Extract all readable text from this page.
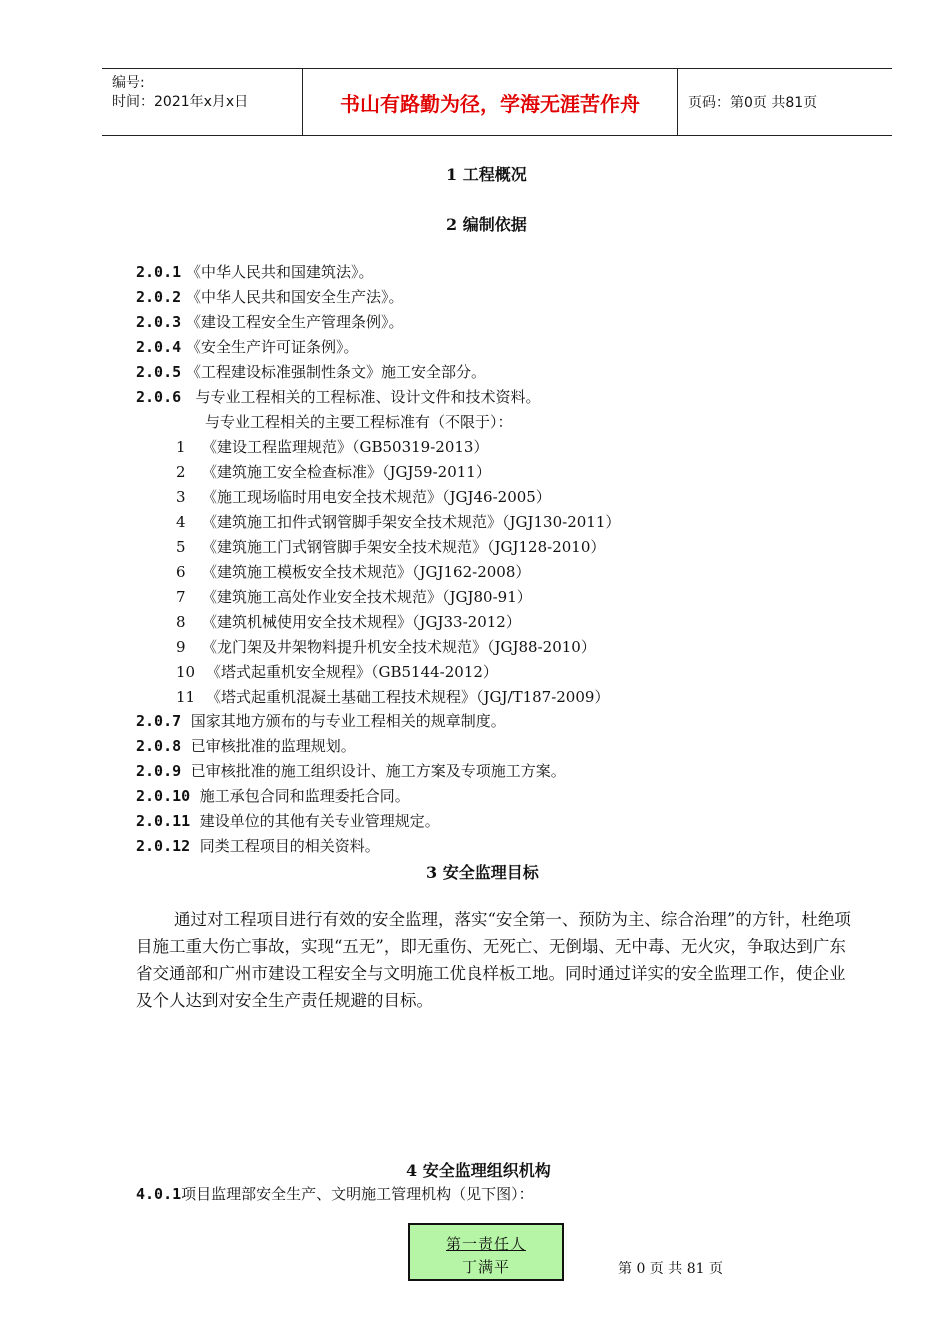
编号:
时间：2021年x月x日	书山有路勤为径，学海无涯苦作舟	页码：第0页 共81页
1 工程概况
2 编制依据
2.0.1 《中华人民共和国建筑法》。
2.0.2 《中华人民共和国安全生产法》。
2.0.3 《建设工程安全生产管理条例》。
2.0.4 《安全生产许可证条例》。
2.0.5 《工程建设标准强制性条文》施工安全部分。
2.0.6 与专业工程相关的工程标准、设计文件和技术资料。
与专业工程相关的主要工程标准有（不限于）：
1 《建设工程监理规范》（GB50319-2013）
2 《建筑施工安全检查标准》（JGJ59-2011）
3 《施工现场临时用电安全技术规范》（JGJ46-2005）
4 《建筑施工扣件式钢管脚手架安全技术规范》（JGJ130-2011）
5 《建筑施工门式钢管脚手架安全技术规范》（JGJ128-2010）
6 《建筑施工模板安全技术规范》（JGJ162-2008）
7 《建筑施工高处作业安全技术规范》（JGJ80-91）
8 《建筑机械使用安全技术规程》（JGJ33-2012）
9 《龙门架及井架物料提升机安全技术规范》（JGJ88-2010）
10 《塔式起重机安全规程》（GB5144-2012）
11 《塔式起重机混凝土基础工程技术规程》（JGJ/T187-2009）
2.0.7 国家其地方颁布的与专业工程相关的规章制度。
2.0.8 已审核批准的监理规划。
2.0.9 已审核批准的施工组织设计、施工方案及专项施工方案。
2.0.10 施工承包合同和监理委托合同。
2.0.11 建设单位的其他有关专业管理规定。
2.0.12 同类工程项目的相关资料。
3 安全监理目标
通过对工程项目进行有效的安全监理，落实“安全第一、预防为主、综合治理”的方针，杜绝项目施工重大伤亡事故，实现“五无”，即无重伤、无死亡、无倒塌、无中毒、无火灾，争取达到广东省交通部和广州市建设工程安全与文明施工优良样板工地。同时通过详实的安全监理工作，使企业及个人达到对安全生产责任规避的目标。
4 安全监理组织机构
4.0.1项目监理部安全生产、文明施工管理机构（见下图）：
第一责任人
丁满平	第 0 页 共 81 页
